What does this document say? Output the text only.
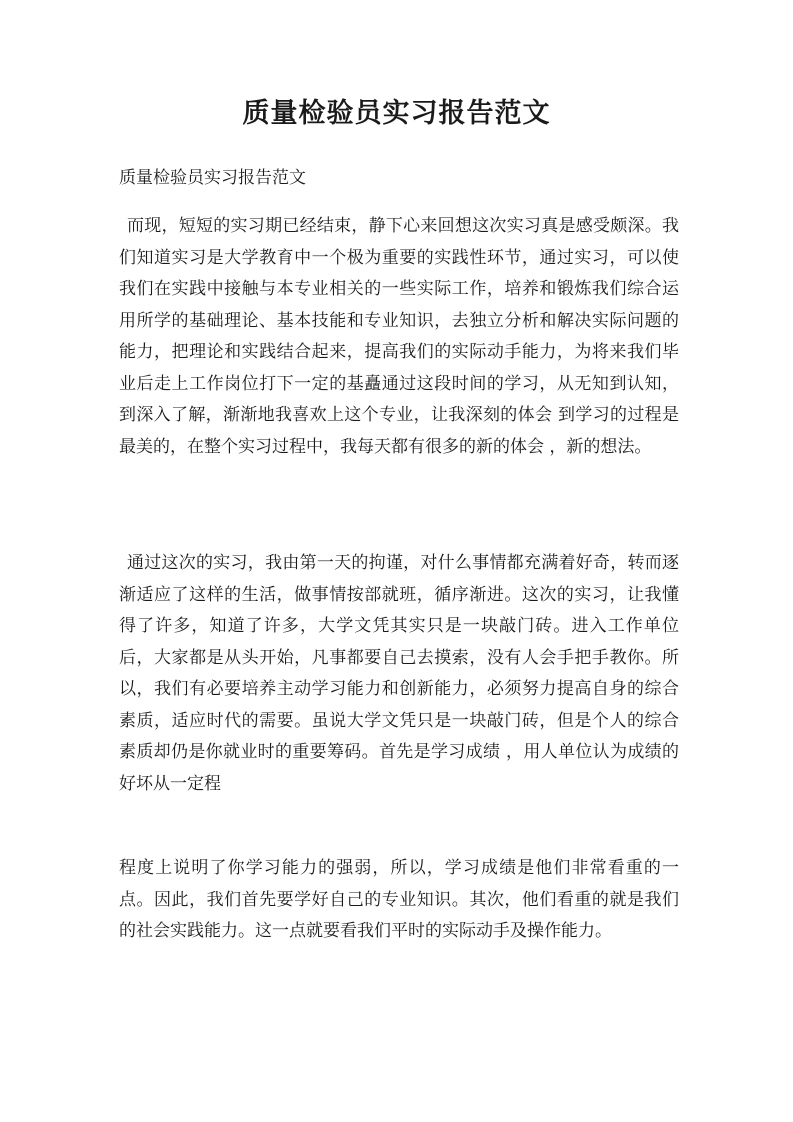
质量检验员实习报告范文

质量检验员实习报告范文

而现，短短的实习期已经结束，静下心来回想这次实习真是感受颇深。我们知道实习是大学教育中一个极为重要的实践性环节，通过实习，可以使我们在实践中接触与本专业相关的一些实际工作，培养和锻炼我们综合运用所学的基础理论、基本技能和专业知识，去独立分析和解决实际问题的能力，把理论和实践结合起来，提高我们的实际动手能力，为将来我们毕业后走上工作岗位打下一定的基矗通过这段时间的学习，从无知到认知，到深入了解，渐渐地我喜欢上这个专业，让我深刻的体会 到学习的过程是最美的，在整个实习过程中，我每天都有很多的新的体会 ，新的想法。

通过这次的实习，我由第一天的拘谨，对什么事情都充满着好奇，转而逐渐适应了这样的生活，做事情按部就班，循序渐进。这次的实习，让我懂得了许多，知道了许多，大学文凭其实只是一块敲门砖。进入工作单位后，大家都是从头开始，凡事都要自己去摸索，没有人会手把手教你。所以，我们有必要培养主动学习能力和创新能力，必须努力提高自身的综合素质，适应时代的需要。虽说大学文凭只是一块敲门砖，但是个人的综合素质却仍是你就业时的重要筹码。首先是学习成绩 ，用人单位认为成绩的好坏从一定程

程度上说明了你学习能力的强弱，所以，学习成绩是他们非常看重的一点。因此，我们首先要学好自己的专业知识。其次，他们看重的就是我们的社会实践能力。这一点就要看我们平时的实际动手及操作能力。
